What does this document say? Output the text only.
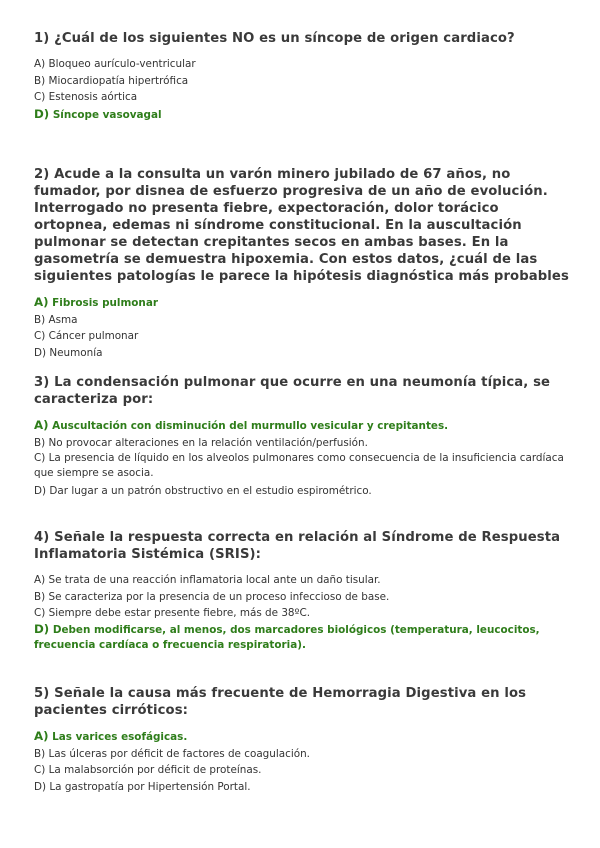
1) ¿Cuál de los siguientes NO es un síncope de origen cardiaco?

A) Bloqueo aurículo-ventricular

B) Miocardiopatía hipertrófica

C) Estenosis aórtica

D) Síncope vasovagal

2) Acude a la consulta un varón minero jubilado de 67 años, no fumador, por disnea de esfuerzo progresiva de un año de evolución. Interrogado no presenta fiebre, expectoración, dolor torácico ortopnea, edemas ni síndrome constitucional. En la auscultación pulmonar se detectan crepitantes secos en ambas bases. En la gasometría se demuestra hipoxemia. Con estos datos, ¿cuál de las siguientes patologías le parece la hipótesis diagnóstica más probables

A) Fibrosis pulmonar

B) Asma

C) Cáncer pulmonar

D) Neumonía

3) La condensación pulmonar que ocurre en una neumonía típica, se caracteriza por:

A) Auscultación con disminución del murmullo vesicular y crepitantes.

B) No provocar alteraciones en la relación ventilación/perfusión.

C) La presencia de líquido en los alveolos pulmonares como consecuencia de la insuficiencia cardíaca que siempre se asocia.

D) Dar lugar a un patrón obstructivo en el estudio espirométrico.

4) Señale la respuesta correcta en relación al Síndrome de Respuesta Inflamatoria Sistémica (SRIS):

A) Se trata de una reacción inflamatoria local ante un daño tisular.

B) Se caracteriza por la presencia de un proceso infeccioso de base.

C) Siempre debe estar presente fiebre, más de 38ºC.

D) Deben modificarse, al menos, dos marcadores biológicos (temperatura, leucocitos, frecuencia cardíaca o frecuencia respiratoria).

5) Señale la causa más frecuente de Hemorragia Digestiva en los pacientes cirróticos:

A) Las varices esofágicas.

B) Las úlceras por déficit de factores de coagulación.

C) La malabsorción por déficit de proteínas.

D) La gastropatía por Hipertensión Portal.
